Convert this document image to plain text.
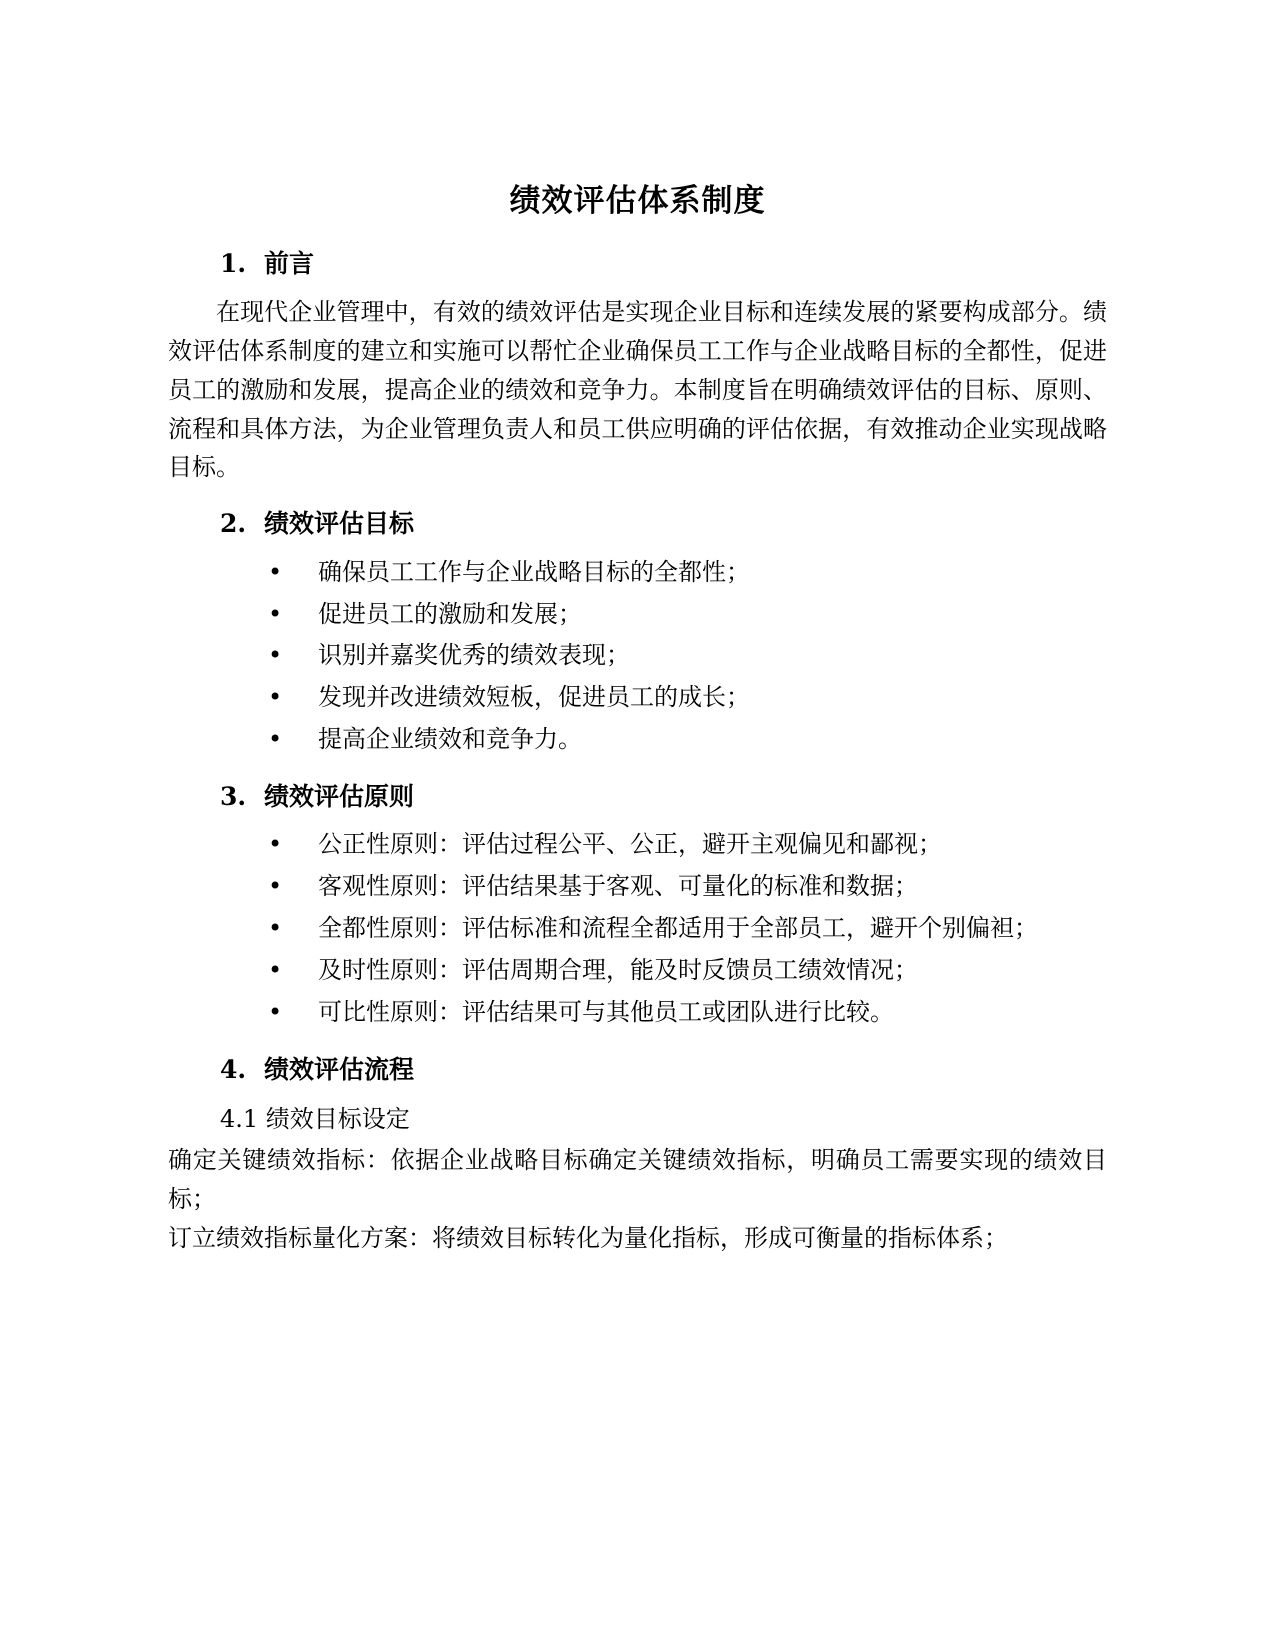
绩效评估体系制度
1. 前言

在现代企业管理中，有效的绩效评估是实现企业目标和连续发展的紧要构成部分。绩效评估体系制度的建立和实施可以帮忙企业确保员工工作与企业战略目标的全都性，促进员工的激励和发展，提高企业的绩效和竞争力。本制度旨在明确绩效评估的目标、原则、流程和具体方法，为企业管理负责人和员工供应明确的评估依据，有效推动企业实现战略目标。

2. 绩效评估目标
• 确保员工工作与企业战略目标的全都性；
• 促进员工的激励和发展；
• 识别并嘉奖优秀的绩效表现；
• 发现并改进绩效短板，促进员工的成长；
• 提高企业绩效和竞争力。
3. 绩效评估原则
• 公正性原则：评估过程公平、公正，避开主观偏见和鄙视；
• 客观性原则：评估结果基于客观、可量化的标准和数据；
• 全都性原则：评估标准和流程全都适用于全部员工，避开个别偏袒；
• 及时性原则：评估周期合理，能及时反馈员工绩效情况；
• 可比性原则：评估结果可与其他员工或团队进行比较。
4. 绩效评估流程
4.1 绩效目标设定

确定关键绩效指标：依据企业战略目标确定关键绩效指标，明确员工需要实现的绩效目标；

订立绩效指标量化方案：将绩效目标转化为量化指标，形成可衡量的指标体系；
